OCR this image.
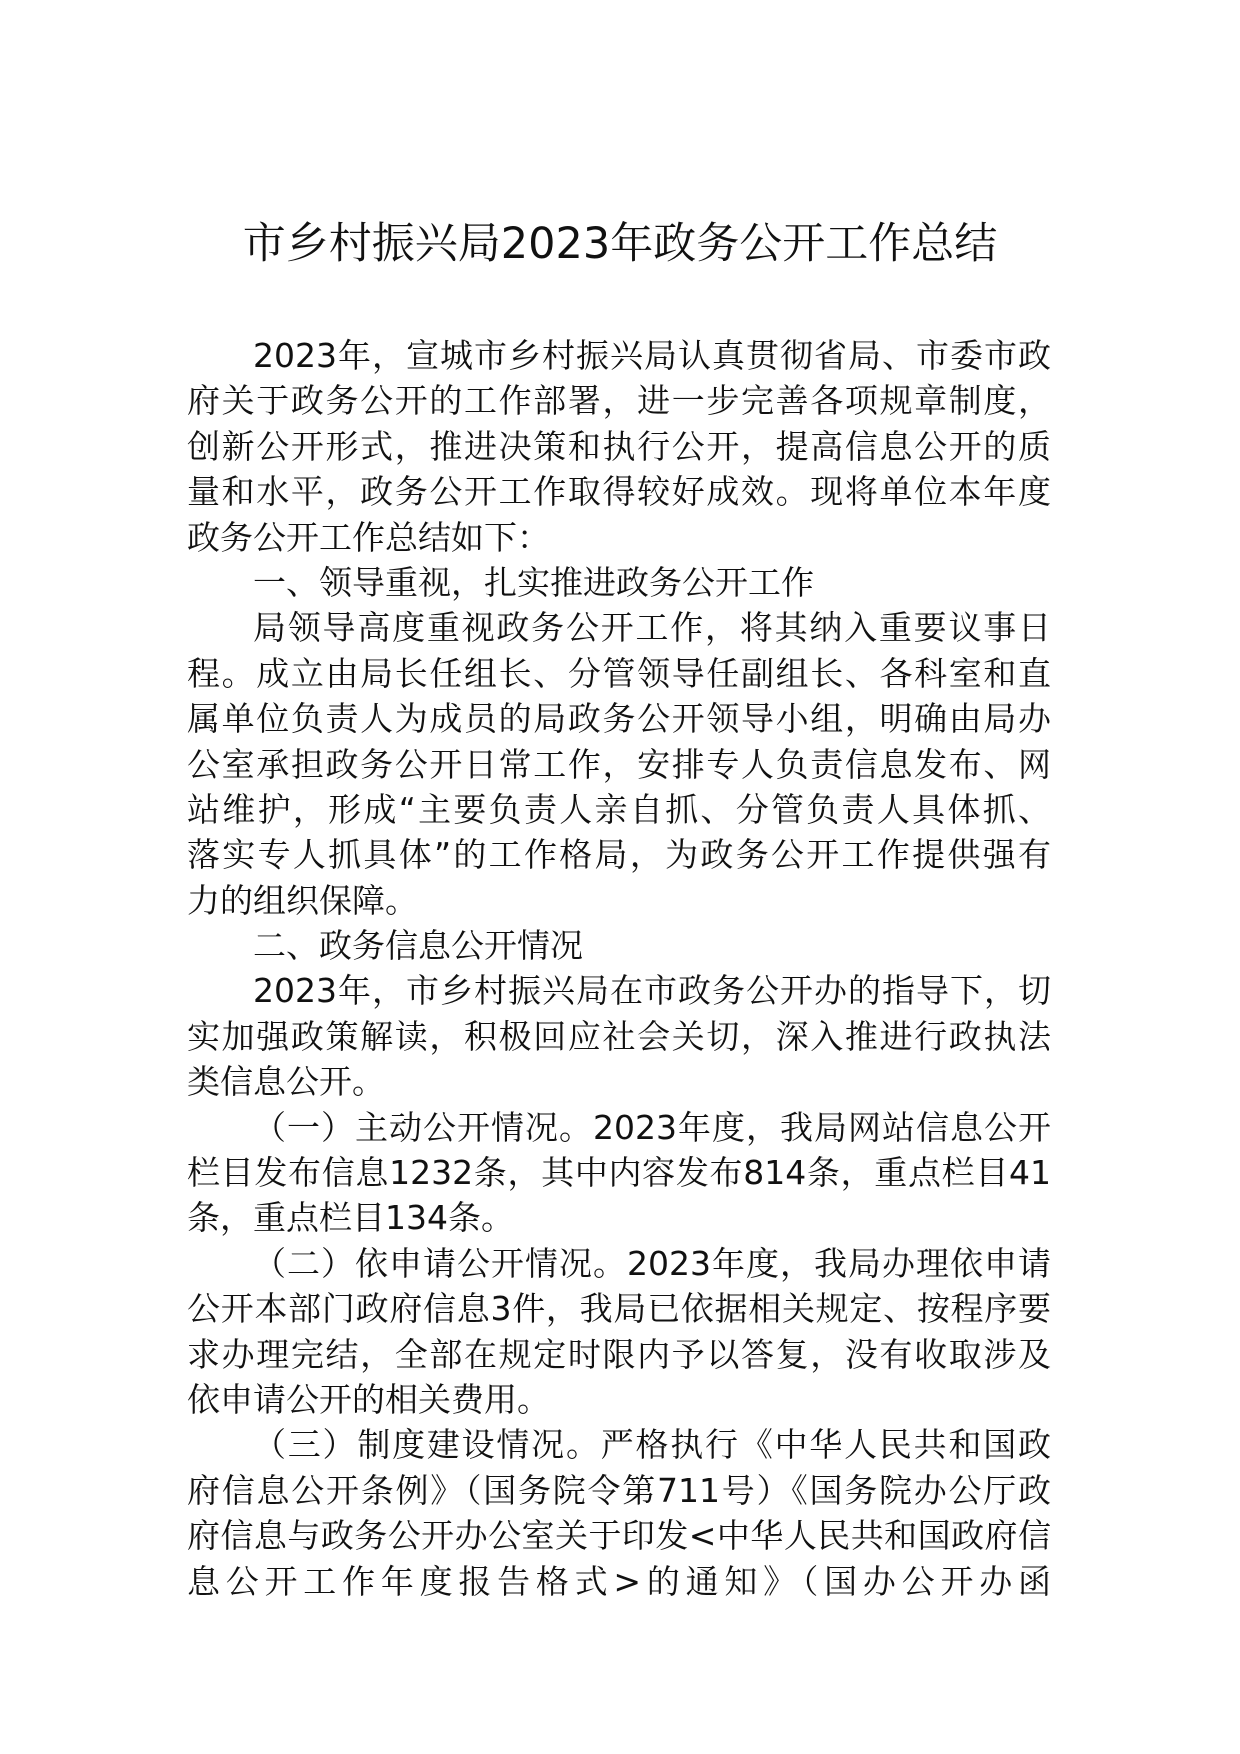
市乡村振兴局2023年政务公开工作总结
2023年，宣城市乡村振兴局认真贯彻省局、市委市政
府关于政务公开的工作部署，进一步完善各项规章制度，
创新公开形式，推进决策和执行公开，提高信息公开的质
量和水平，政务公开工作取得较好成效。现将单位本年度
政务公开工作总结如下：
一、领导重视，扎实推进政务公开工作
局领导高度重视政务公开工作，将其纳入重要议事日
程。成立由局长任组长、分管领导任副组长、各科室和直
属单位负责人为成员的局政务公开领导小组，明确由局办
公室承担政务公开日常工作，安排专人负责信息发布、网
站维护，形成“主要负责人亲自抓、分管负责人具体抓、
落实专人抓具体”的工作格局，为政务公开工作提供强有
力的组织保障。
二、政务信息公开情况
2023年，市乡村振兴局在市政务公开办的指导下，切
实加强政策解读，积极回应社会关切，深入推进行政执法
类信息公开。
（一）主动公开情况。2023年度，我局网站信息公开
栏目发布信息1232条，其中内容发布814条，重点栏目41
条，重点栏目134条。
（二）依申请公开情况。2023年度，我局办理依申请
公开本部门政府信息3件，我局已依据相关规定、按程序要
求办理完结，全部在规定时限内予以答复，没有收取涉及
依申请公开的相关费用。
（三）制度建设情况。严格执行《中华人民共和国政
府信息公开条例》（国务院令第711号）《国务院办公厅政
府信息与政务公开办公室关于印发<中华人民共和国政府信
息公开工作年度报告格式>的通知》（国办公开办函
